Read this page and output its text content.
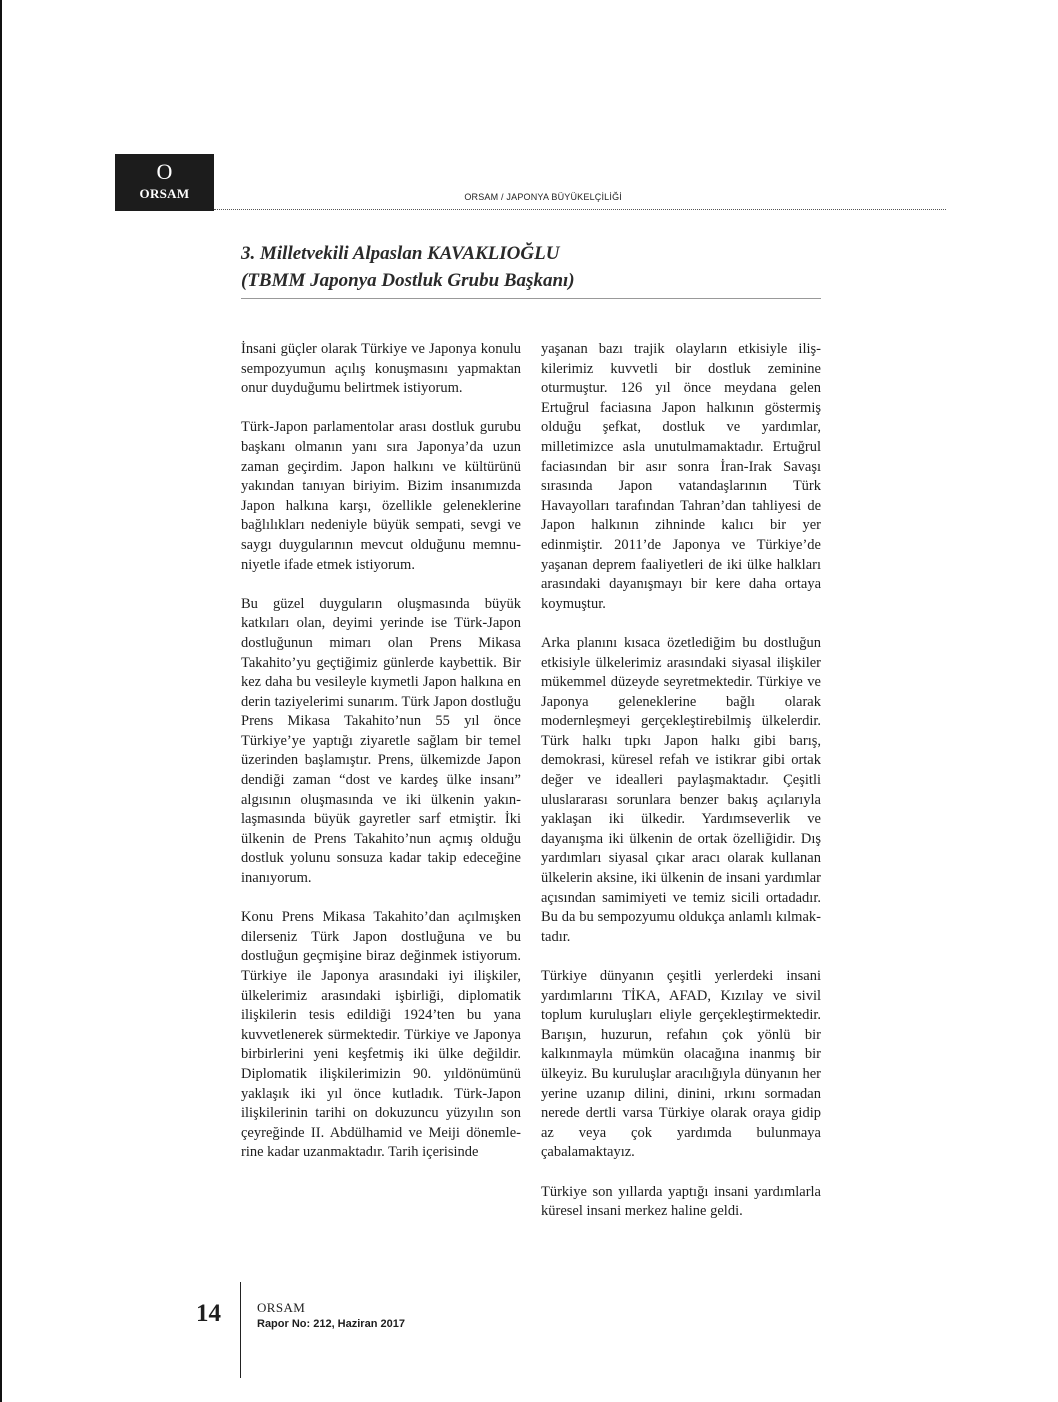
O
ORSAM	ORSAM / JAPONYA BÜYÜKELÇİLİĞİ
3. Milletvekili Alpaslan KAVAKLIOĞLU
(TBMM Japonya Dostluk Grubu Başkanı)

İnsani güçler olarak Türkiye ve Japonya konulu sempozyumun açılış konuşmasını yapmaktan onur duyduğumu belirtmek istiyorum.

Türk-Japon parlamentolar arası dostluk gurubu başkanı olmanın yanı sıra Japonya’da uzun zaman geçirdim. Japon halkını ve kültürünü yakından tanıyan biriyim. Bizim insanımızda Japon halkına karşı, özellikle geleneklerine bağlılıkları nedeniyle büyük sempati, sevgi ve saygı duygularının mevcut olduğunu memnuniyetle ifade etmek istiyorum.

Bu güzel duyguların oluşmasında büyük katkıları olan, deyimi yerinde ise Türk-Japon dostluğunun mimarı olan Prens Mikasa Takahito’yu geçtiğimiz günlerde kaybettik. Bir kez daha bu vesileyle kıymetli Japon halkına en derin taziyelerimi sunarım. Türk Japon dostluğu Prens Mikasa Takahito’nun 55 yıl önce Türkiye’ye yaptığı ziyaretle sağlam bir temel üzerinden başlamıştır. Prens, ülkemizde Japon dendiği zaman “dost ve kardeş ülke insanı” algısının oluşmasında ve iki ülkenin yakınlaşmasında büyük gayretler sarf etmiştir. İki ülkenin de Prens Takahito’nun açmış olduğu dostluk yolunu sonsuza kadar takip edeceğine inanıyorum.

Konu Prens Mikasa Takahito’dan açılmışken dilerseniz Türk Japon dostluğuna ve bu dostluğun geçmişine biraz değinmek istiyorum. Türkiye ile Japonya arasındaki iyi ilişkiler, ülkelerimiz arasındaki işbirliği, diplomatik ilişkilerin tesis edildiği 1924’ten bu yana kuvvetlenerek sürmektedir. Türkiye ve Japonya birbirlerini yeni keşfetmiş iki ülke değildir. Diplomatik ilişkilerimizin 90. yıldönümünü yaklaşık iki yıl önce kutladık. Türk-Japon ilişkilerinin tarihi on dokuzuncu yüzyılın son çeyreğinde II. Abdülhamid ve Meiji dönemlerine kadar uzanmaktadır. Tarih içerisinde

yaşanan bazı trajik olayların etkisiyle ilişkilerimiz kuvvetli bir dostluk zeminine oturmuştur. 126 yıl önce meydana gelen Ertuğrul faciasına Japon halkının göstermiş olduğu şefkat, dostluk ve yardımlar, milletimizce asla unutulmamaktadır. Ertuğrul faciasından bir asır sonra İran-Irak Savaşı sırasında Japon vatandaşlarının Türk Havayolları tarafından Tahran’dan tahliyesi de Japon halkının zihninde kalıcı bir yer edinmiştir. 2011’de Japonya ve Türkiye’de yaşanan deprem faaliyetleri de iki ülke halkları arasındaki dayanışmayı bir kere daha ortaya koymuştur.

Arka planını kısaca özetlediğim bu dostluğun etkisiyle ülkelerimiz arasındaki siyasal ilişkiler mükemmel düzeyde seyretmektedir. Türkiye ve Japonya geleneklerine bağlı olarak modernleşmeyi gerçekleştirebilmiş ülkelerdir. Türk halkı tıpkı Japon halkı gibi barış, demokrasi, küresel refah ve istikrar gibi ortak değer ve idealleri paylaşmaktadır. Çeşitli uluslararası sorunlara benzer bakış açılarıyla yaklaşan iki ülkedir. Yardımseverlik ve dayanışma iki ülkenin de ortak özelliğidir. Dış yardımları siyasal çıkar aracı olarak kullanan ülkelerin aksine, iki ülkenin de insani yardımlar açısından samimiyeti ve temiz sicili ortadadır. Bu da bu sempozyumu oldukça anlamlı kılmaktadır.

Türkiye dünyanın çeşitli yerlerdeki insani yardımlarını TİKA, AFAD, Kızılay ve sivil toplum kuruluşları eliyle gerçekleştirmektedir. Barışın, huzurun, refahın çok yönlü bir kalkınmayla mümkün olacağına inanmış bir ülkeyiz. Bu kuruluşlar aracılığıyla dünyanın her yerine uzanıp dilini, dinini, ırkını sormadan nerede dertli varsa Türkiye olarak oraya gidip az veya çok yardımda bulunmaya çabalamaktayız.

Türkiye son yıllarda yaptığı insani yardımlarla küresel insani merkez haline geldi.

14	ORSAM
Rapor No: 212, Haziran 2017
